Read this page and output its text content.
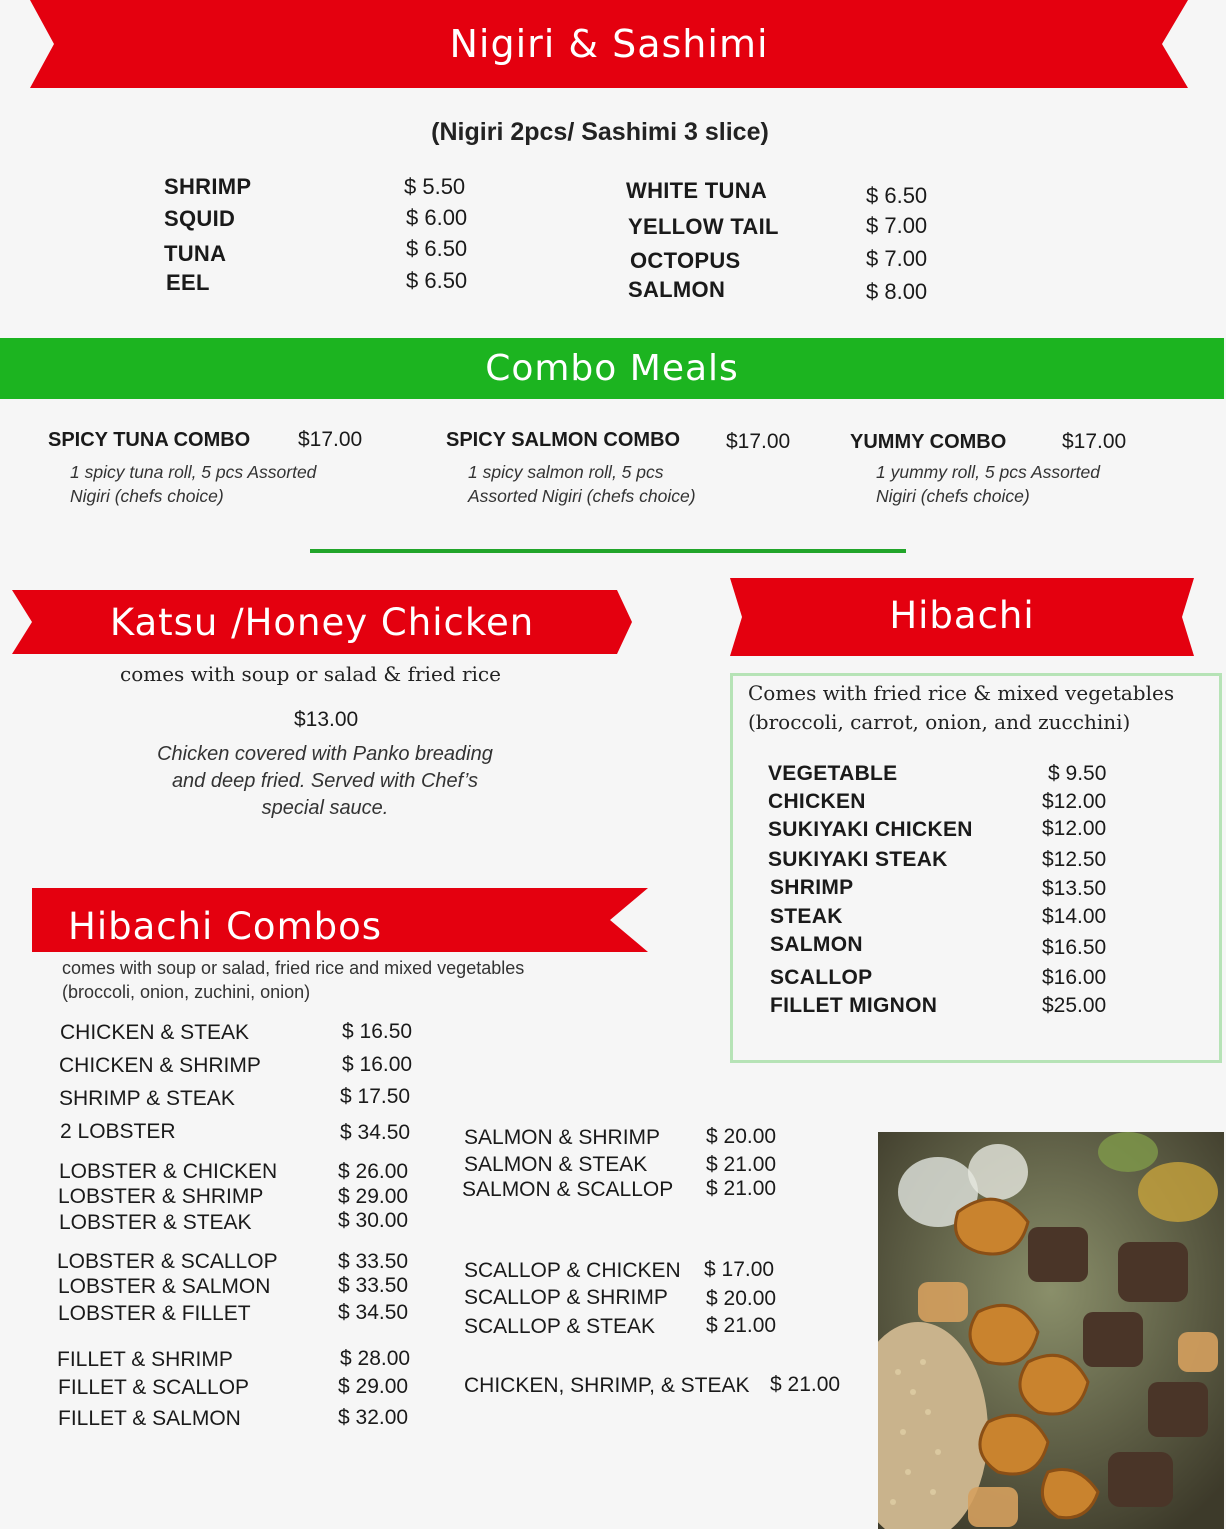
Nigiri & Sashimi
(Nigiri 2pcs/ Sashimi 3 slice)
SHRIMP	$ 5.50
SQUID	$ 6.00
TUNA	$ 6.50
EEL	$ 6.50
WHITE TUNA	$ 6.50
YELLOW TAIL	$ 7.00
OCTOPUS	$ 7.00
SALMON	$ 8.00
Combo Meals
SPICY TUNA COMBO $17.00
1 spicy tuna roll, 5 pcs Assorted
Nigiri (chefs choice)
SPICY SALMON COMBO $17.00
1 spicy salmon roll, 5 pcs
Assorted Nigiri (chefs choice)
YUMMY COMBO	$17.00
1 yummy roll, 5 pcs Assorted
Nigiri (chefs choice)
Katsu /Honey Chicken
comes with soup or salad & fried rice
$13.00
Chicken covered with Panko breading
and deep fried. Served with Chef’s
special sauce.
Hibachi
Comes with fried rice & mixed vegetables
(broccoli, carrot, onion, and zucchini)
VEGETABLE	$ 9.50
CHICKEN	$12.00
SUKIYAKI CHICKEN	$12.00
SUKIYAKI STEAK	$12.50
SHRIMP	$13.50
STEAK	$14.00
SALMON	$16.50
SCALLOP	$16.00
FILLET MIGNON	$25.00
Hibachi Combos
comes with soup or salad, fried rice and mixed vegetables
(broccoli, onion, zuchini, onion)
CHICKEN & STEAK	$ 16.50
CHICKEN & SHRIMP	$ 16.00
SHRIMP & STEAK	$ 17.50
2 LOBSTER	$ 34.50
LOBSTER & CHICKEN	$ 26.00
LOBSTER & SHRIMP	$ 29.00
LOBSTER & STEAK	$ 30.00
LOBSTER & SCALLOP	$ 33.50
LOBSTER & SALMON	$ 33.50
LOBSTER & FILLET	$ 34.50
FILLET & SHRIMP	$ 28.00
FILLET & SCALLOP	$ 29.00
FILLET & SALMON	$ 32.00
SALMON & SHRIMP $ 20.00
SALMON & STEAK	$ 21.00
SALMON & SCALLOP $ 21.00
SCALLOP & CHICKEN $ 17.00
SCALLOP & SHRIMP $ 20.00
SCALLOP & STEAK $ 21.00
CHICKEN, SHRIMP, & STEAK $ 21.00
